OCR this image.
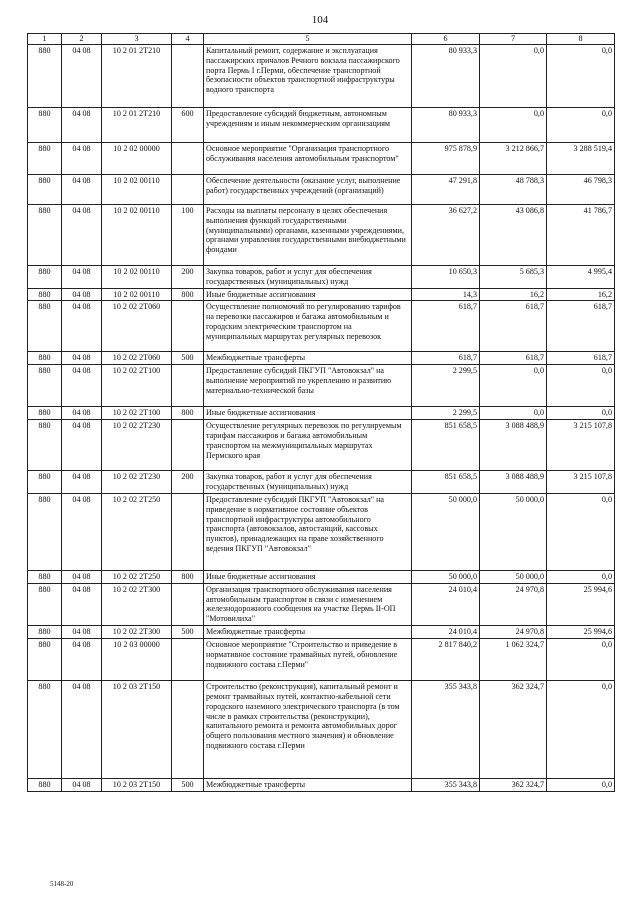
104
1	2	3	4	5	6	7	8
880	04 08	10 2 01 2Т210		Капитальный ремонт, содержание и эксплуатация пассажирских причалов Речного вокзала пассажирского порта Пермь I г.Перми, обеспечение транспортной безопасности объектов транспортной инфраструктуры водного транспорта	80 933,3	0,0	0,0
880	04 08	10 2 01 2Т210	600	Предоставление субсидий бюджетным, автономным учреждениям и иным некоммерческим организациям	80 933,3	0,0	0,0
880	04 08	10 2 02 00000		Основное мероприятие "Организация транспортного обслуживания населения автомобильным транспортом"	975 878,9	3 212 866,7	3 288 519,4
880	04 08	10 2 02 00110		Обеспечение деятельности (оказание услуг, выполнение работ) государственных учреждений (организаций)	47 291,8	48 788,3	46 798,3
880	04 08	10 2 02 00110	100	Расходы на выплаты персоналу в целях обеспечения выполнения функций государственными (муниципальными) органами, казенными учреждениями, органами управления государственными внебюджетными фондами	36 627,2	43 086,8	41 786,7
880	04 08	10 2 02 00110	200	Закупка товаров, работ и услуг для обеспечения государственных (муниципальных) нужд	10 650,3	5 685,3	4 995,4
880	04 08	10 2 02 00110	800	Иные бюджетные ассигнования	14,3	16,2	16,2
880	04 08	10 2 02 2Т060		Осуществление полномочий по регулированию тарифов на перевозки пассажиров и багажа автомобильным и городским электрическим транспортом на муниципальных маршрутах регулярных перевозок	618,7	618,7	618,7
880	04 08	10 2 02 2Т060	500	Межбюджетные трансферты	618,7	618,7	618,7
880	04 08	10 2 02 2Т100		Предоставление субсидий ПКГУП "Автовокзал" на выполнение мероприятий по укреплению и развитию материально-технической базы	2 299,5	0,0	0,0
880	04 08	10 2 02 2Т100	800	Иные бюджетные ассигнования	2 299,5	0,0	0,0
880	04 08	10 2 02 2Т230		Осуществление регулярных перевозок по регулируемым тарифам пассажиров и багажа автомобильным транспортом на межмуниципальных маршрутах Пермского края	851 658,5	3 088 488,9	3 215 107,8
880	04 08	10 2 02 2Т230	200	Закупка товаров, работ и услуг для обеспечения государственных (муниципальных) нужд	851 658,5	3 088 488,9	3 215 107,8
880	04 08	10 2 02 2Т250		Предоставление субсидий ПКГУП "Автовокзал" на приведение в нормативное состояние объектов транспортной инфраструктуры автомобильного транспорта (автовокзалов, автостанций, кассовых пунктов), принадлежащих на праве хозяйственного ведения ПКГУП "Автовокзал"	50 000,0	50 000,0	0,0
880	04 08	10 2 02 2Т250	800	Иные бюджетные ассигнования	50 000,0	50 000,0	0,0
880	04 08	10 2 02 2Т300		Организация транспортного обслуживания населения автомобильным транспортом в связи с изменением железнодорожного сообщения на участке Пермь II-ОП "Мотовилиха"	24 010,4	24 970,8	25 994,6
880	04 08	10 2 02 2Т300	500	Межбюджетные трансферты	24 010,4	24 970,8	25 994,6
880	04 08	10 2 03 00000		Основное мероприятие "Строительство и приведение в нормативное состояние трамвайных путей, обновление подвижного состава г.Перми"	2 817 840,2	1 062 324,7	0,0
880	04 08	10 2 03 2Т150		Строительство (реконструкция), капитальный ремонт и ремонт трамвайных путей, контактно-кабельной сети городского наземного электрического транспорта (в том числе в рамках строительства (реконструкции), капитального ремонта и ремонта автомобильных дорог общего пользования местного значения) и обновление подвижного состава г.Перми	355 343,8	362 324,7	0,0
880	04 08	10 2 03 2Т150	500	Межбюджетные трансферты	355 343,8	362 324,7	0,0
5148-20
